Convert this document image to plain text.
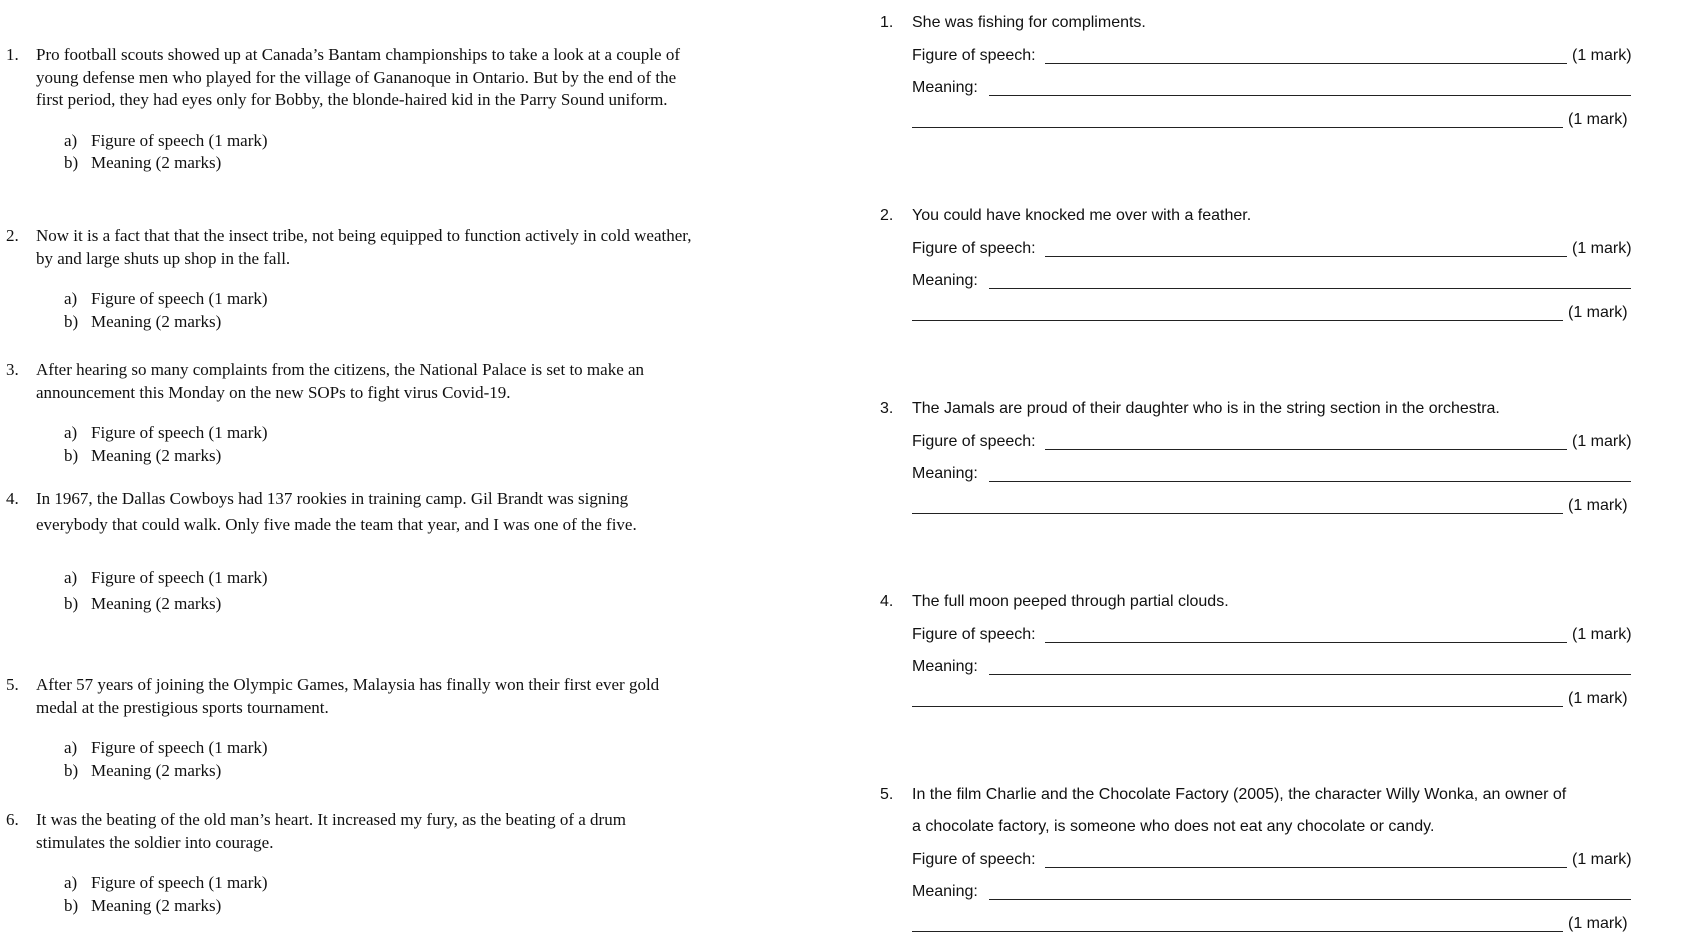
1. Pro football scouts showed up at Canada’s Bantam championships to take a look at a couple of young defense men who played for the village of Gananoque in Ontario. But by the end of the first period, they had eyes only for Bobby, the blonde-haired kid in the Parry Sound uniform.
a) Figure of speech (1 mark)
b) Meaning (2 marks)
2. Now it is a fact that that the insect tribe, not being equipped to function actively in cold weather, by and large shuts up shop in the fall.
a) Figure of speech (1 mark)
b) Meaning (2 marks)
3. After hearing so many complaints from the citizens, the National Palace is set to make an announcement this Monday on the new SOPs to fight virus Covid-19.
a) Figure of speech (1 mark)
b) Meaning (2 marks)
4. In 1967, the Dallas Cowboys had 137 rookies in training camp. Gil Brandt was signing everybody that could walk. Only five made the team that year, and I was one of the five.
a) Figure of speech (1 mark)
b) Meaning (2 marks)
5. After 57 years of joining the Olympic Games, Malaysia has finally won their first ever gold medal at the prestigious sports tournament.
a) Figure of speech (1 mark)
b) Meaning (2 marks)
6. It was the beating of the old man’s heart. It increased my fury, as the beating of a drum stimulates the soldier into courage.
a) Figure of speech (1 mark)
b) Meaning (2 marks)
1. She was fishing for compliments.
Figure of speech:	(1 mark)
Meaning:
(1 mark)
2. You could have knocked me over with a feather.
Figure of speech:	(1 mark)
Meaning:
(1 mark)
3. The Jamals are proud of their daughter who is in the string section in the orchestra.
Figure of speech:	(1 mark)
Meaning:
(1 mark)
4. The full moon peeped through partial clouds.
Figure of speech:	(1 mark)
Meaning:
(1 mark)
5. In the film Charlie and the Chocolate Factory (2005), the character Willy Wonka, an owner of
a chocolate factory, is someone who does not eat any chocolate or candy.
Figure of speech:	(1 mark)
Meaning:
(1 mark)
